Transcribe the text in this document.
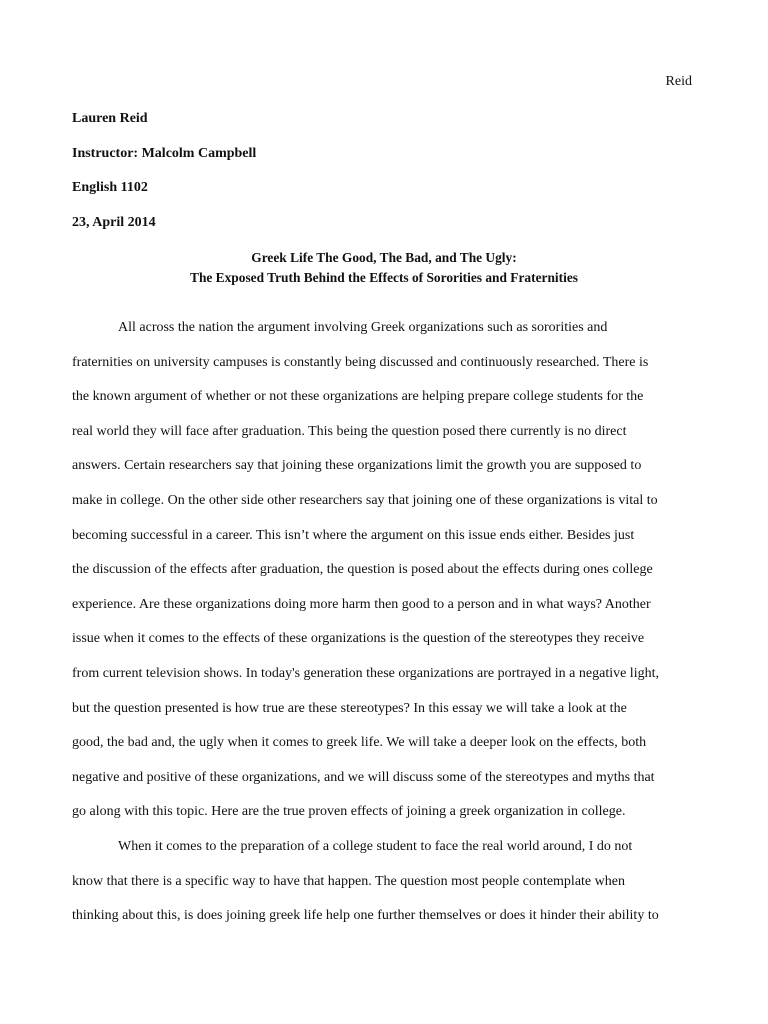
Reid
Lauren Reid
Instructor: Malcolm Campbell
English 1102
23, April 2014
Greek Life The Good, The Bad, and The Ugly:
The Exposed Truth Behind the Effects of Sororities and Fraternities
All across the nation the argument involving Greek organizations such as sororities and
fraternities on university campuses is constantly being discussed and continuously researched. There is
the known argument of whether or not these organizations are helping prepare college students for the
real world they will face after graduation. This being the question posed there currently is no direct
answers. Certain researchers say that joining these organizations limit the growth you are supposed to
make in college. On the other side other researchers say that joining one of these organizations is vital to
becoming successful in a career. This isn’t where the argument on this issue ends either. Besides just
the discussion of the effects after graduation, the question is posed about the effects during ones college
experience. Are these organizations doing more harm then good to a person and in what ways? Another
issue when it comes to the effects of these organizations is the question of the stereotypes they receive
from current television shows. In today's generation these organizations are portrayed in a negative light,
but the question presented is how true are these stereotypes? In this essay we will take a look at the
good, the bad and, the ugly when it comes to greek life. We will take a deeper look on the effects, both
negative and positive of these organizations, and we will discuss some of the stereotypes and myths that
go along with this topic. Here are the true proven effects of joining a greek organization in college.
When it comes to the preparation of a college student to face the real world around, I do not
know that there is a specific way to have that happen. The question most people contemplate when
thinking about this, is does joining greek life help one further themselves or does it hinder their ability to
